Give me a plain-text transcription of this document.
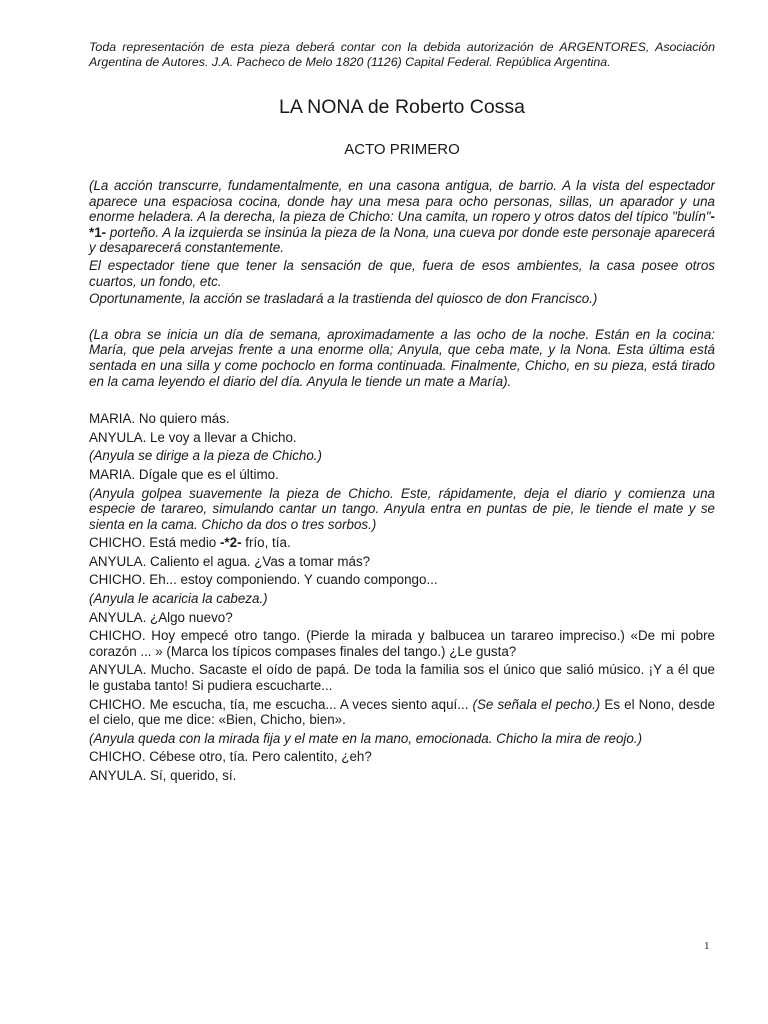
Toda representación de esta pieza deberá contar con la debida autorización de ARGENTORES, Asociación Argentina de Autores. J.A. Pacheco de Melo 1820 (1126) Capital Federal. República Argentina.

LA NONA de Roberto Cossa
ACTO PRIMERO

(La acción transcurre, fundamentalmente, en una casona antigua, de barrio. A la vista del espectador aparece una espaciosa cocina, donde hay una mesa para ocho personas, sillas, un aparador y una enorme heladera. A la derecha, la pieza de Chicho: Una camita, un ropero y otros datos del típico "bulín"-*1- porteño. A la izquierda se insinúa la pieza de la Nona, una cueva por donde este personaje aparecerá y desaparecerá constantemente.

El espectador tiene que tener la sensación de que, fuera de esos ambientes, la casa posee otros cuartos, un fondo, etc.

Oportunamente, la acción se trasladará a la trastienda del quiosco de don Francisco.)

(La obra se inicia un día de semana, aproximadamente a las ocho de la noche. Están en la cocina: María, que pela arvejas frente a una enorme olla; Anyula, que ceba mate, y la Nona. Esta última está sentada en una silla y come pochoclo en forma continuada. Finalmente, Chicho, en su pieza, está tirado en la cama leyendo el diario del día. Anyula le tiende un mate a María).

MARIA. No quiero más.

ANYULA. Le voy a llevar a Chicho.

(Anyula se dirige a la pieza de Chicho.)

MARIA. Dígale que es el último.

(Anyula golpea suavemente la pieza de Chicho. Este, rápidamente, deja el diario y comienza una especie de tarareo, simulando cantar un tango. Anyula entra en puntas de pie, le tiende el mate y se sienta en la cama. Chicho da dos o tres sorbos.)

CHICHO. Está medio -*2- frío, tía.

ANYULA. Caliento el agua. ¿Vas a tomar más?

CHICHO. Eh... estoy componiendo. Y cuando compongo...

(Anyula le acaricia la cabeza.)

ANYULA. ¿Algo nuevo?

CHICHO. Hoy empecé otro tango. (Pierde la mirada y balbucea un tarareo impreciso.) «De mi pobre corazón ... » (Marca los típicos compases finales del tango.) ¿Le gusta?

ANYULA. Mucho. Sacaste el oído de papá. De toda la familia sos el único que salió músico. ¡Y a él que le gustaba tanto! Si pudiera escucharte...

CHICHO. Me escucha, tía, me escucha... A veces siento aquí... (Se señala el pecho.) Es el Nono, desde el cielo, que me dice: «Bien, Chicho, bien».

(Anyula queda con la mirada fija y el mate en la mano, emocionada. Chicho la mira de reojo.)

CHICHO. Cébese otro, tía. Pero calentito, ¿eh?

ANYULA. Sí, querido, sí.

1
